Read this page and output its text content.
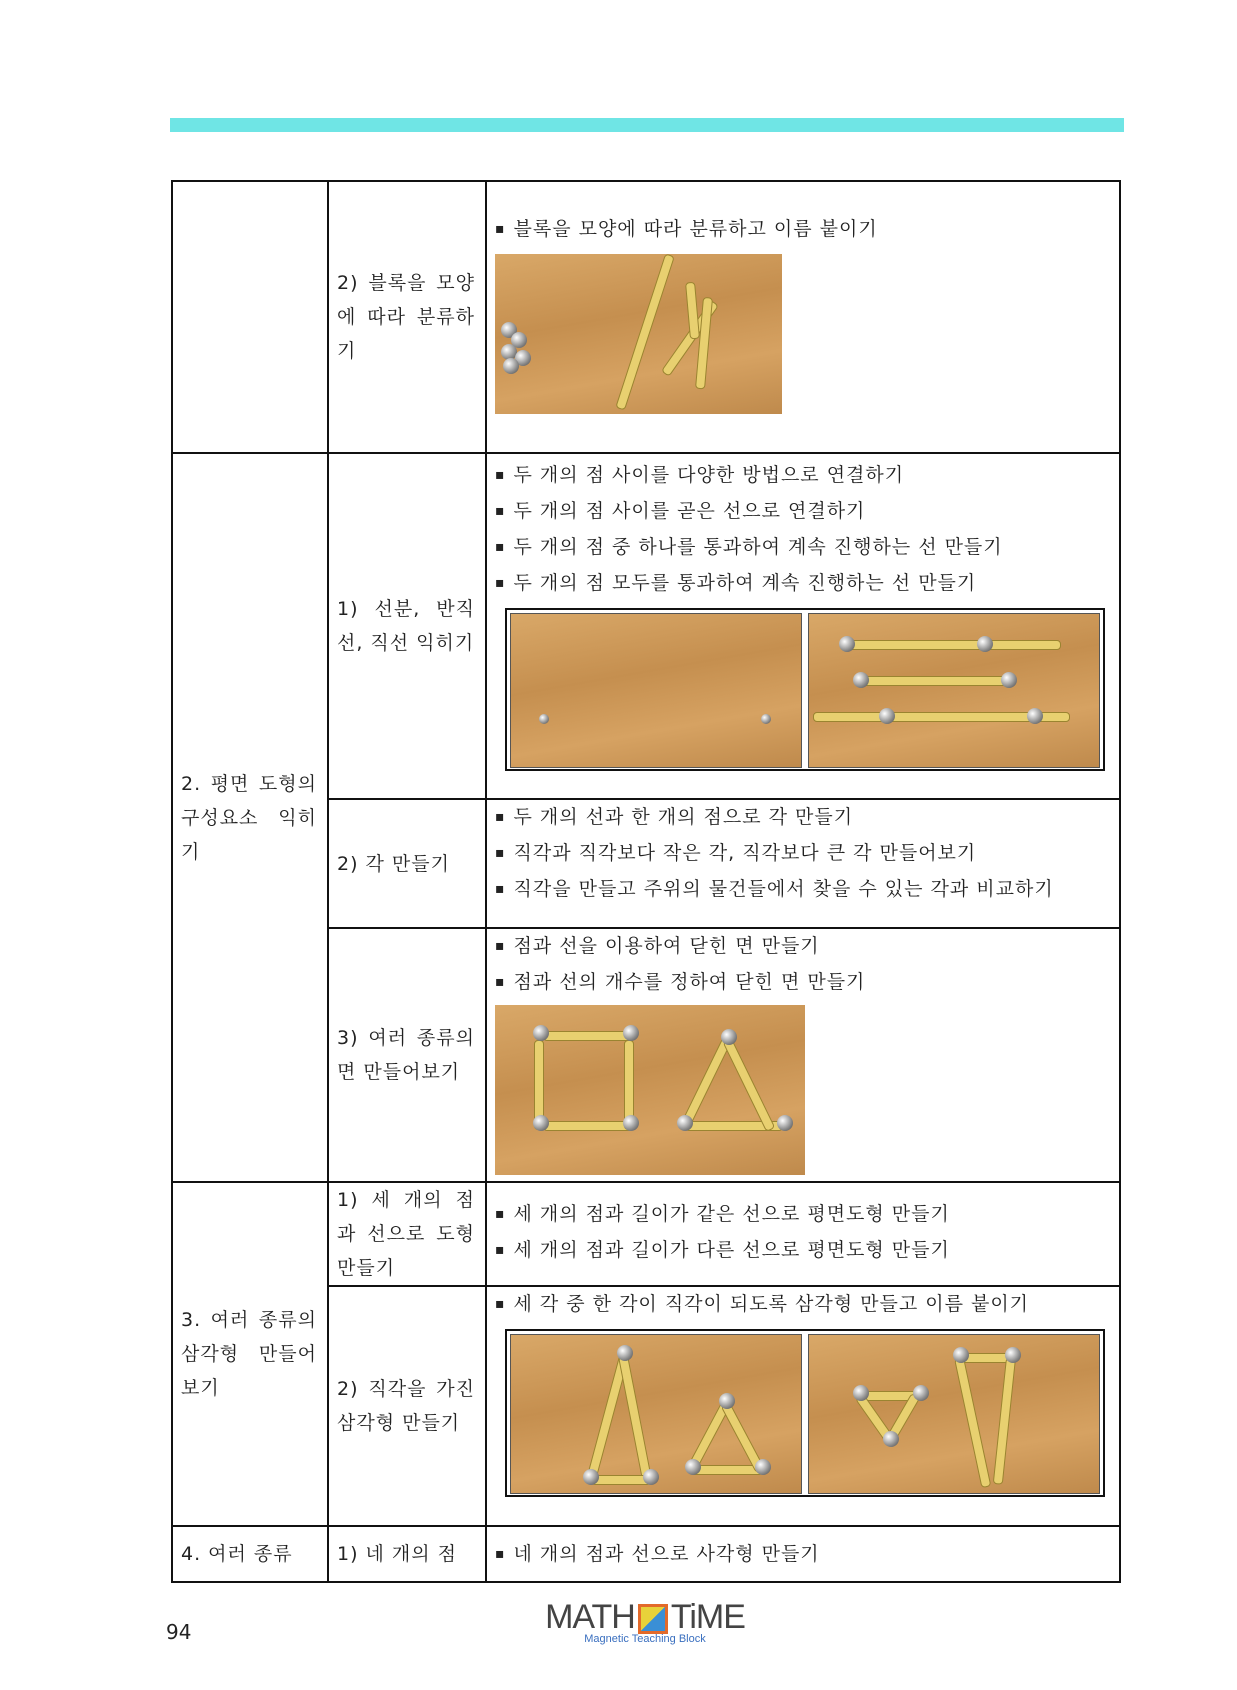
	2) 블록을 모양에 따라 분류하기	▪ 블록을 모양에 따라 분류하고 이름 붙이기

2. 평면 도형의 구성요소 익히기	1) 선분, 반직선, 직선 익히기	▪ 두 개의 점 사이를 다양한 방법으로 연결하기
▪ 두 개의 점 사이를 곧은 선으로 연결하기
▪ 두 개의 점 중 하나를 통과하여 계속 진행하는 선 만들기
▪ 두 개의 점 모두를 통과하여 계속 진행하는 선 만들기

	2) 각 만들기	▪ 두 개의 선과 한 개의 점으로 각 만들기
▪ 직각과 직각보다 작은 각, 직각보다 큰 각 만들어보기
▪ 직각을 만들고 주위의 물건들에서 찾을 수 있는 각과 비교하기

	3) 여러 종류의 면 만들어보기	▪ 점과 선을 이용하여 닫힌 면 만들기
▪ 점과 선의 개수를 정하여 닫힌 면 만들기

3. 여러 종류의 삼각형 만들어보기	1) 세 개의 점과 선으로 도형 만들기	▪ 세 개의 점과 길이가 같은 선으로 평면도형 만들기
▪ 세 개의 점과 길이가 다른 선으로 평면도형 만들기

	2) 직각을 가진 삼각형 만들기	▪ 세 각 중 한 각이 직각이 되도록 삼각형 만들고 이름 붙이기

4. 여러 종류	1) 네 개의 점	▪ 네 개의 점과 선으로 사각형 만들기
94	MATH TiME
Magnetic Teaching Block
